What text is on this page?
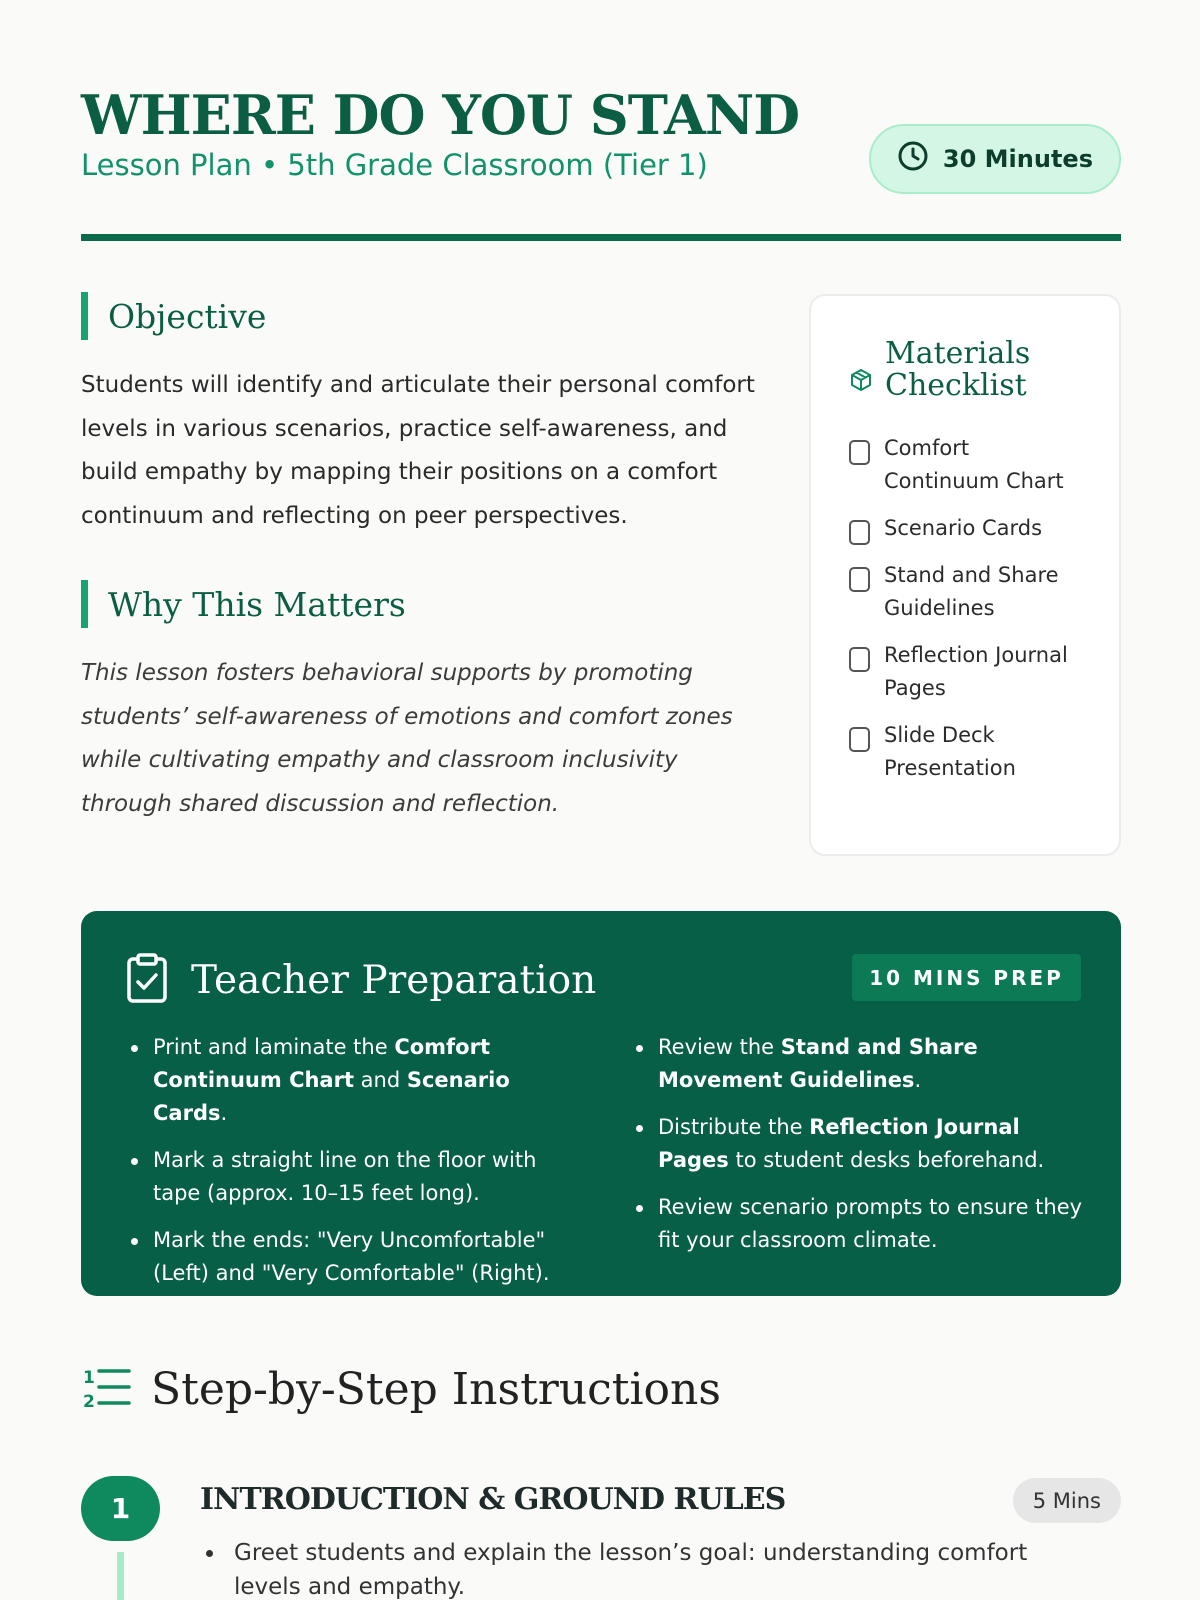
WHERE DO YOU STAND
Lesson Plan • 5th Grade Classroom (Tier 1)	30 Minutes
Objective

Students will identify and articulate their personal comfort levels in various scenarios, practice self-awareness, and build empathy by mapping their positions on a comfort continuum and reflecting on peer perspectives.

Why This Matters

This lesson fosters behavioral supports by promoting students’ self-awareness of emotions and comfort zones while cultivating empathy and classroom inclusivity through shared discussion and reflection.

Materials Checklist
Comfort Continuum Chart
Scenario Cards
Stand and Share Guidelines
Reflection Journal Pages
Slide Deck Presentation
Teacher Preparation	10 MINS PREP
Print and laminate the Comfort Continuum Chart and Scenario Cards.
Mark a straight line on the floor with tape (approx. 10–15 feet long).
Mark the ends: "Very Uncomfortable" (Left) and "Very Comfortable" (Right).
Review the Stand and Share Movement Guidelines.
Distribute the Reflection Journal Pages to student desks beforehand.
Review scenario prompts to ensure they fit your classroom climate.
1
2 Step-by-Step Instructions
1	INTRODUCTION & GROUND RULES	5 Mins
Greet students and explain the lesson’s goal: understanding comfort levels and empathy.
